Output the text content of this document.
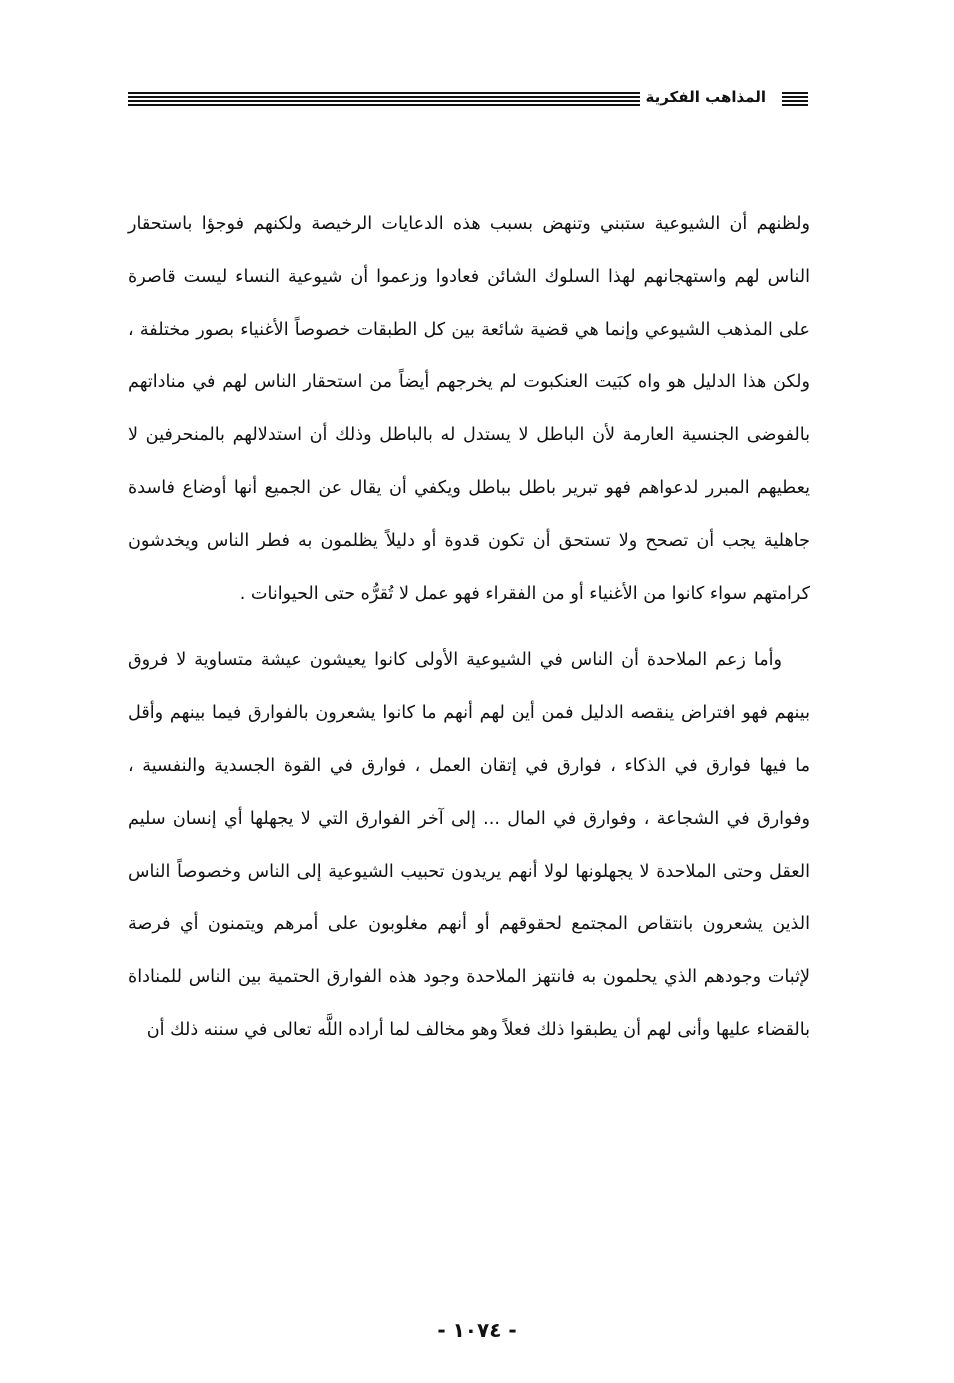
المذاهب الفكرية

ولظنهم أن الشيوعية ستبني وتنهض بسبب هذه الدعايات الرخيصة ولكنهم فوجؤا باستحقار الناس لهم واستهجانهم لهذا السلوك الشائن فعادوا وزعموا أن شيوعية النساء ليست قاصرة على المذهب الشيوعي وإنما هي قضية شائعة بين كل الطبقات خصوصاً الأغنياء بصور مختلفة ، ولكن هذا الدليل هو واه كبَيت العنكبوت لم يخرجهم أيضاً من استحقار الناس لهم في مناداتهم بالفوضى الجنسية العارمة لأن الباطل لا يستدل له بالباطل وذلك أن استدلالهم بالمنحرفين لا يعطيهم المبرر لدعواهم فهو تبرير باطل بباطل ويكفي أن يقال عن الجميع أنها أوضاع فاسدة جاهلية يجب أن تصحح ولا تستحق أن تكون قدوة أو دليلاً يظلمون به فطر الناس ويخدشون كرامتهم سواء كانوا من الأغنياء أو من الفقراء فهو عمل لا تُقرُّه حتى الحيوانات .

وأما زعم الملاحدة أن الناس في الشيوعية الأولى كانوا يعيشون عيشة متساوية لا فروق بينهم فهو افتراض ينقصه الدليل فمن أين لهم أنهم ما كانوا يشعرون بالفوارق فيما بينهم وأقل ما فيها فوارق في الذكاء ، فوارق في إتقان العمل ، فوارق في القوة الجسدية والنفسية ، وفوارق في الشجاعة ، وفوارق في المال ... إلى آخر الفوارق التي لا يجهلها أي إنسان سليم العقل وحتى الملاحدة لا يجهلونها لولا أنهم يريدون تحبيب الشيوعية إلى الناس وخصوصاً الناس الذين يشعرون بانتقاص المجتمع لحقوقهم أو أنهم مغلوبون على أمرهم ويتمنون أي فرصة لإثبات وجودهم الذي يحلمون به فانتهز الملاحدة وجود هذه الفوارق الحتمية بين الناس للمناداة بالقضاء عليها وأنى لهم أن يطبقوا ذلك فعلاً وهو مخالف لما أراده اللَّه تعالى في سننه ذلك أن

- ١٠٧٤ -
